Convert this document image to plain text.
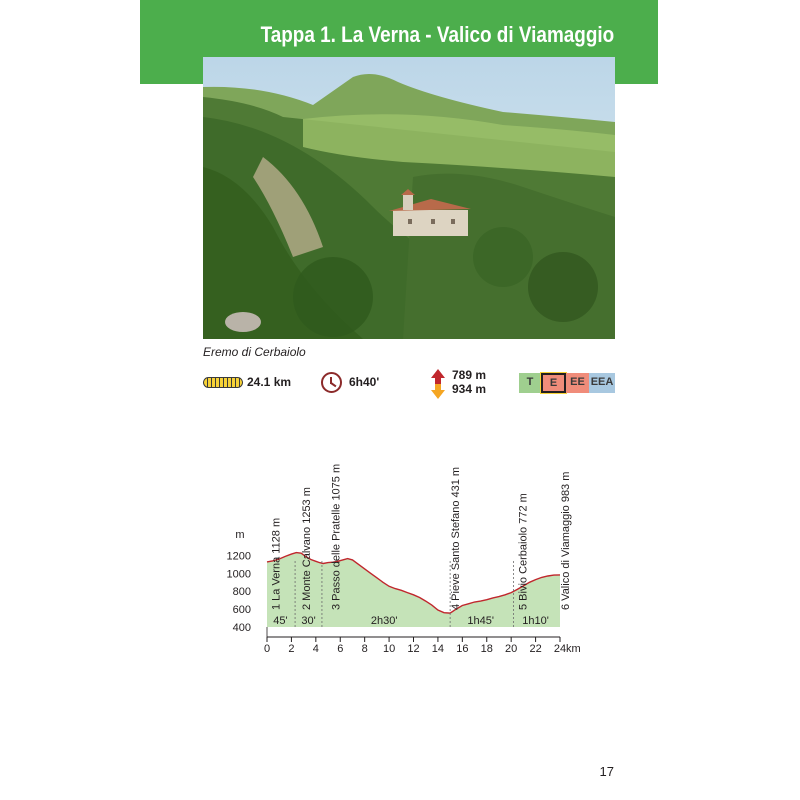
Tappa 1. La Verna - Valico di Viamaggio
Eremo di Cerbaiolo
24.1 km	6h40'	789 m
934 m	T	E	EE EEA
45' 30'	2h30'	1h45'	1h10'
0 2 4 6 8 10 12 14 16 18 20 22 24 km
1200
1000
800
600
400
m 1 La Verna 1128 m 2 Monte Calvano 1253 m 3 Passo delle Pratelle 1075 m	4 Pieve Santo Stefano 431 m	5 Bivio Cerbaiolo 772 m	6 Valico di Viamaggio 983 m
17
